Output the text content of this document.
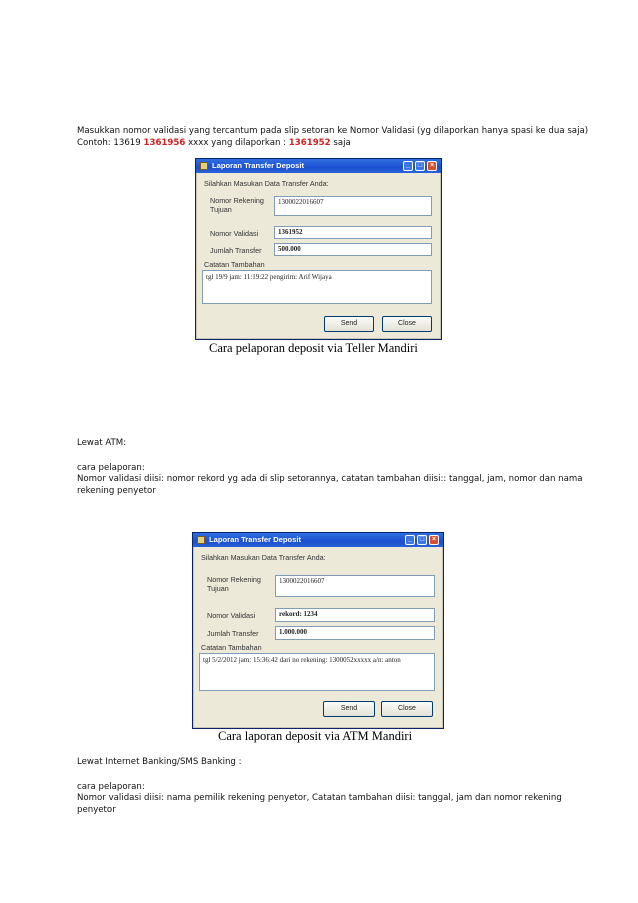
Masukkan nomor validasi yang tercantum pada slip setoran ke Nomor Validasi (yg dilaporkan hanya spasi ke dua saja)
Contoh: 13619 1361956 xxxx yang dilaporkan : 1361952 saja
Laporan Transfer Deposit	_	□	×
Silahkan Masukan Data Transfer Anda:
Nomor Rekening Tujuan
1300022016607
Nomor Validasi	1361952
Jumlah Transfer	500.000
Catatan Tambahan
tgl 19/9 jam: 11:19:22 pengirim: Arif Wijaya
Send	Close
Cara pelaporan deposit via Teller Mandiri
Lewat ATM:
cara pelaporan:
Nomor validasi diisi: nomor rekord yg ada di slip setorannya, catatan tambahan diisi:: tanggal, jam, nomor dan nama
rekening penyetor
Laporan Transfer Deposit	_	□	×
Silahkan Masukan Data Transfer Anda:
Nomor Rekening Tujuan
1300022016607
Nomor Validasi	rekord: 1234
Jumlah Transfer	1.000.000
Catatan Tambahan
tgl 5/2/2012 jam: 15:36:42 dari no rekening: 1300052xxxxx a/n: anton
Send	Close
Cara laporan deposit via ATM Mandiri
Lewat Internet Banking/SMS Banking :
cara pelaporan:
Nomor validasi diisi: nama pemilik rekening penyetor, Catatan tambahan diisi: tanggal, jam dan nomor rekening
penyetor
